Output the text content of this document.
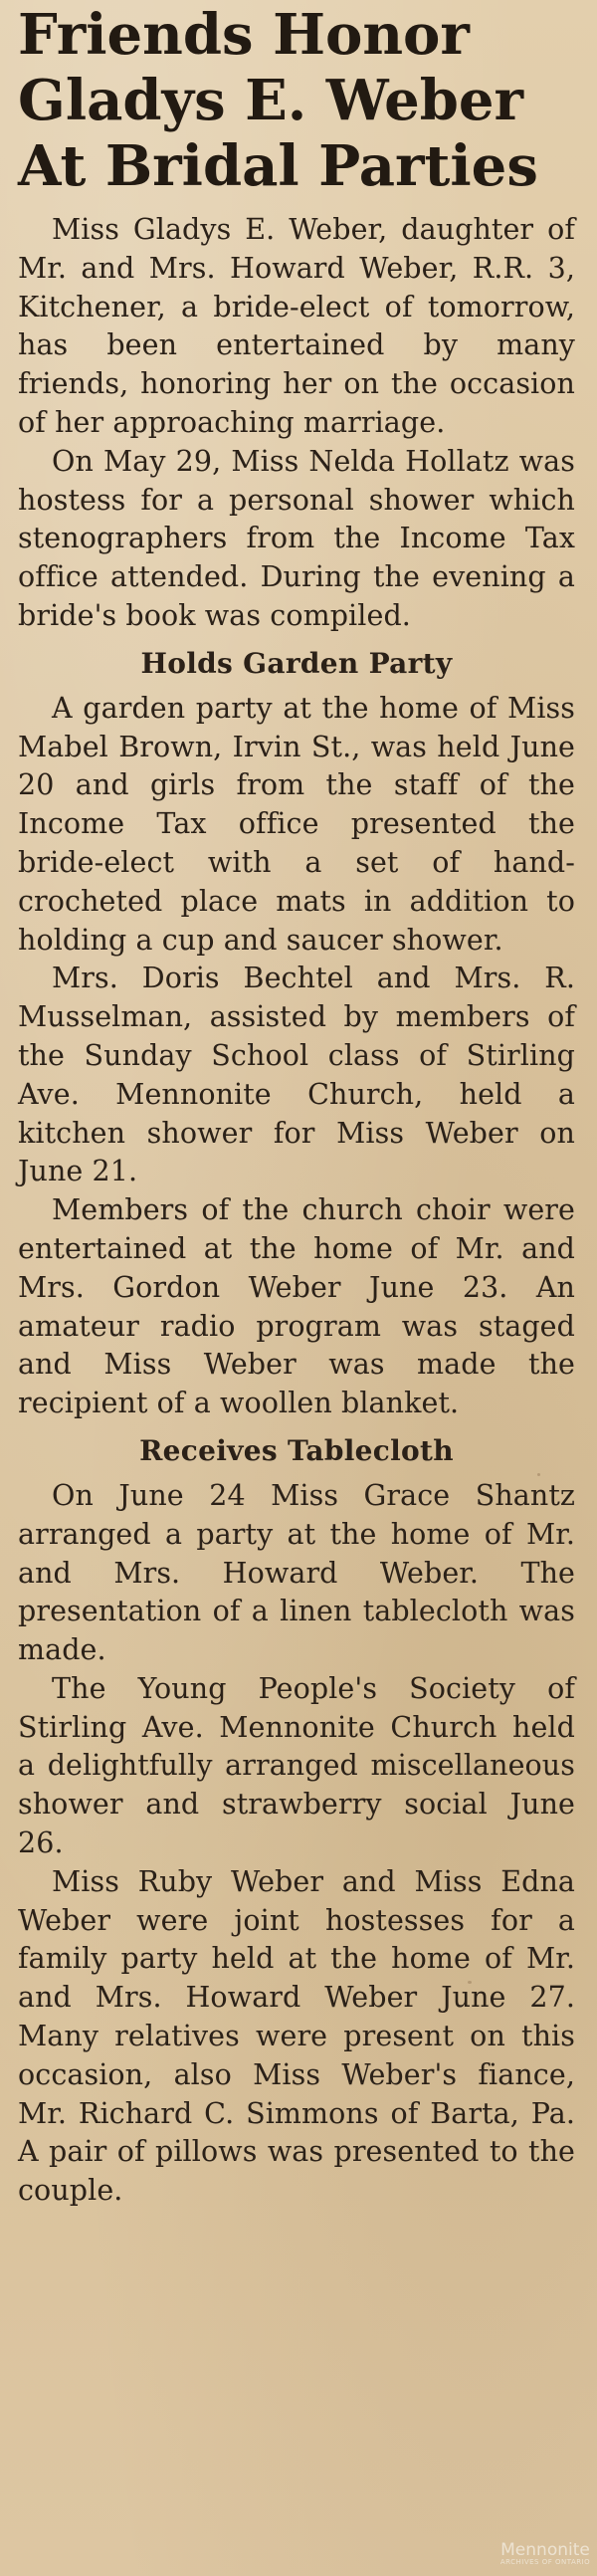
Friends Honor
Gladys E. Weber
At Bridal Parties

Miss Gladys E. Weber, daughter of Mr. and Mrs. Howard Weber, R.R. 3, Kitchener, a bride-elect of tomorrow, has been entertained by many friends, honoring her on the occasion of her approaching marriage.

On May 29, Miss Nelda Hollatz was hostess for a personal shower which stenographers from the Income Tax office attended. During the evening a bride's book was compiled.

Holds Garden Party

A garden party at the home of Miss Mabel Brown, Irvin St., was held June 20 and girls from the staff of the Income Tax office presented the bride-elect with a set of hand-crocheted place mats in addition to holding a cup and saucer shower.

Mrs. Doris Bechtel and Mrs. R. Musselman, assisted by members of the Sunday School class of Stirling Ave. Mennonite Church, held a kitchen shower for Miss Weber on June 21.

Members of the church choir were entertained at the home of Mr. and Mrs. Gordon Weber June 23. An amateur radio program was staged and Miss Weber was made the recipient of a woollen blanket.

Receives Tablecloth

On June 24 Miss Grace Shantz arranged a party at the home of Mr. and Mrs. Howard Weber. The presentation of a linen tablecloth was made.

The Young People's Society of Stirling Ave. Mennonite Church held a delightfully arranged miscellaneous shower and strawberry social June 26.

Miss Ruby Weber and Miss Edna Weber were joint hostesses for a family party held at the home of Mr. and Mrs. Howard Weber June 27. Many relatives were present on this occasion, also Miss Weber's fiance, Mr. Richard C. Simmons of Barta, Pa. A pair of pillows was presented to the couple.

Mennonite
ARCHIVES OF ONTARIO
